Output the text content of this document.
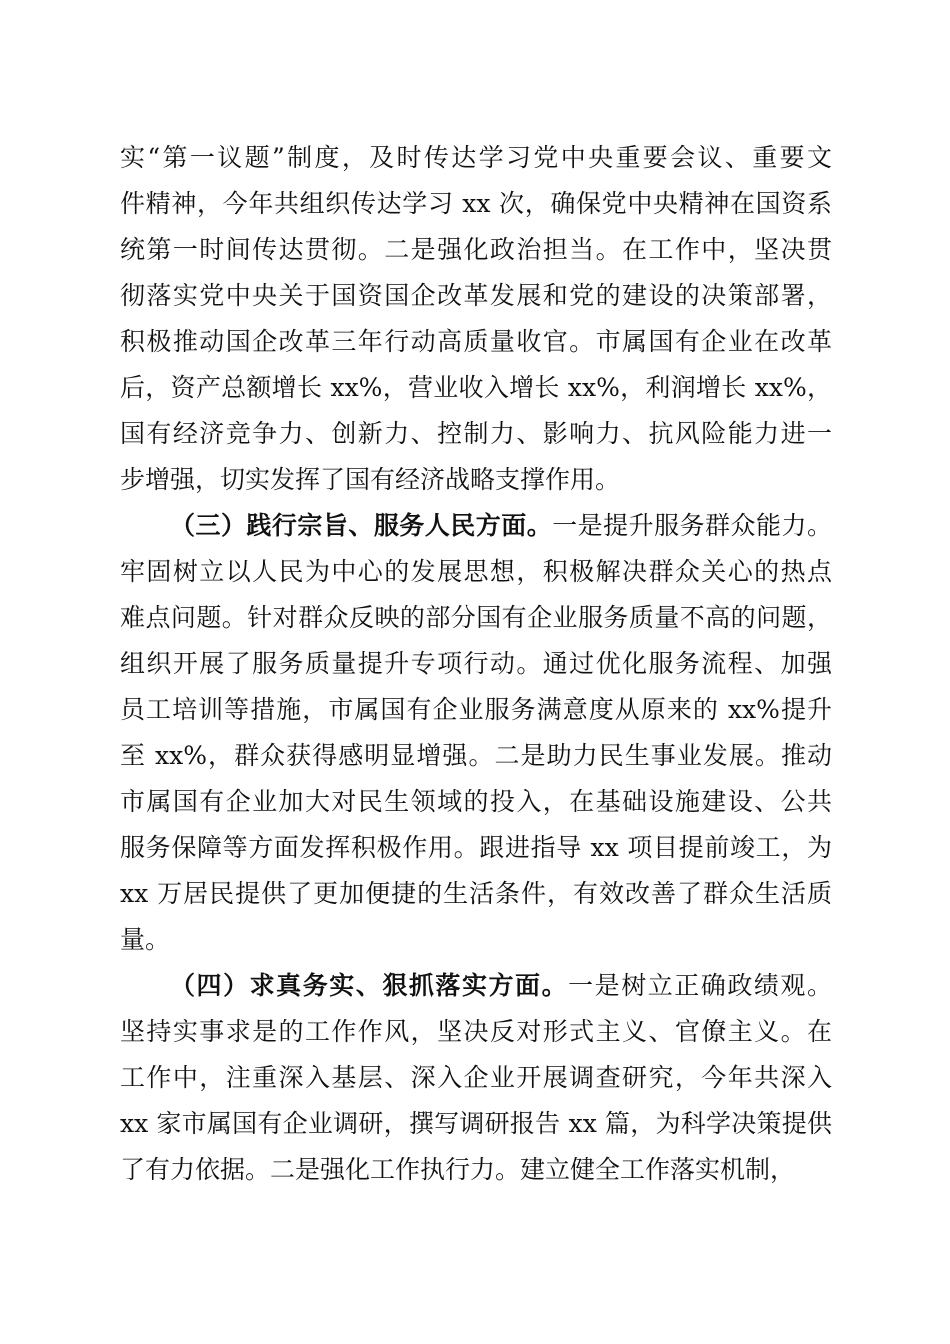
实“第一议题”制度，及时传达学习党中央重要会议、重要文
件精神，今年共组织传达学习 xx 次，确保党中央精神在国资系
统第一时间传达贯彻。二是强化政治担当。在工作中，坚决贯
彻落实党中央关于国资国企改革发展和党的建设的决策部署，
积极推动国企改革三年行动高质量收官。市属国有企业在改革
后，资产总额增长 xx%，营业收入增长 xx%，利润增长 xx%，
国有经济竞争力、创新力、控制力、影响力、抗风险能力进一
步增强，切实发挥了国有经济战略支撑作用。
（三）践行宗旨、服务人民方面。一是提升服务群众能力。
牢固树立以人民为中心的发展思想，积极解决群众关心的热点
难点问题。针对群众反映的部分国有企业服务质量不高的问题，
组织开展了服务质量提升专项行动。通过优化服务流程、加强
员工培训等措施，市属国有企业服务满意度从原来的 xx%提升
至 xx%，群众获得感明显增强。二是助力民生事业发展。推动
市属国有企业加大对民生领域的投入，在基础设施建设、公共
服务保障等方面发挥积极作用。跟进指导 xx 项目提前竣工，为
xx 万居民提供了更加便捷的生活条件，有效改善了群众生活质
量。
（四）求真务实、狠抓落实方面。一是树立正确政绩观。
坚持实事求是的工作作风，坚决反对形式主义、官僚主义。在
工作中，注重深入基层、深入企业开展调查研究，今年共深入
xx 家市属国有企业调研，撰写调研报告 xx 篇，为科学决策提供
了有力依据。二是强化工作执行力。建立健全工作落实机制，
